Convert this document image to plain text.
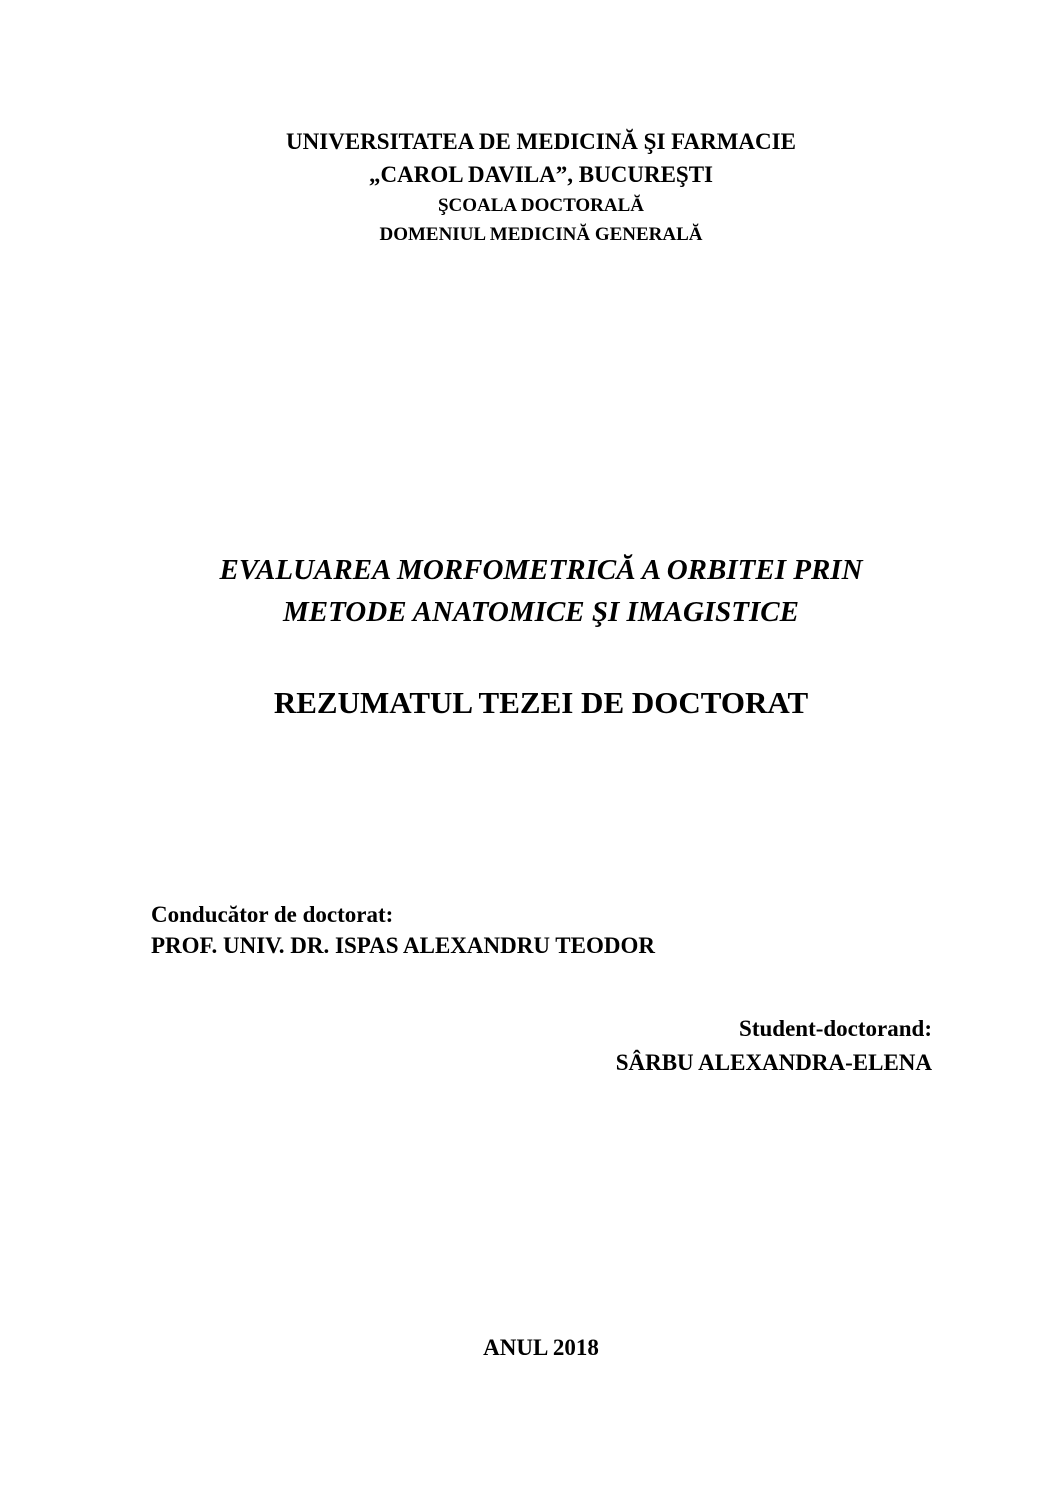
UNIVERSITATEA DE MEDICINĂ ŞI FARMACIE
„CAROL DAVILA”, BUCUREŞTI
ŞCOALA DOCTORALĂ
DOMENIUL MEDICINĂ GENERALĂ
EVALUAREA MORFOMETRICĂ A ORBITEI PRIN
METODE ANATOMICE ŞI IMAGISTICE
REZUMATUL TEZEI DE DOCTORAT
Conducător de doctorat:
PROF. UNIV. DR. ISPAS ALEXANDRU TEODOR
Student-doctorand:
SÂRBU ALEXANDRA-ELENA
ANUL 2018
